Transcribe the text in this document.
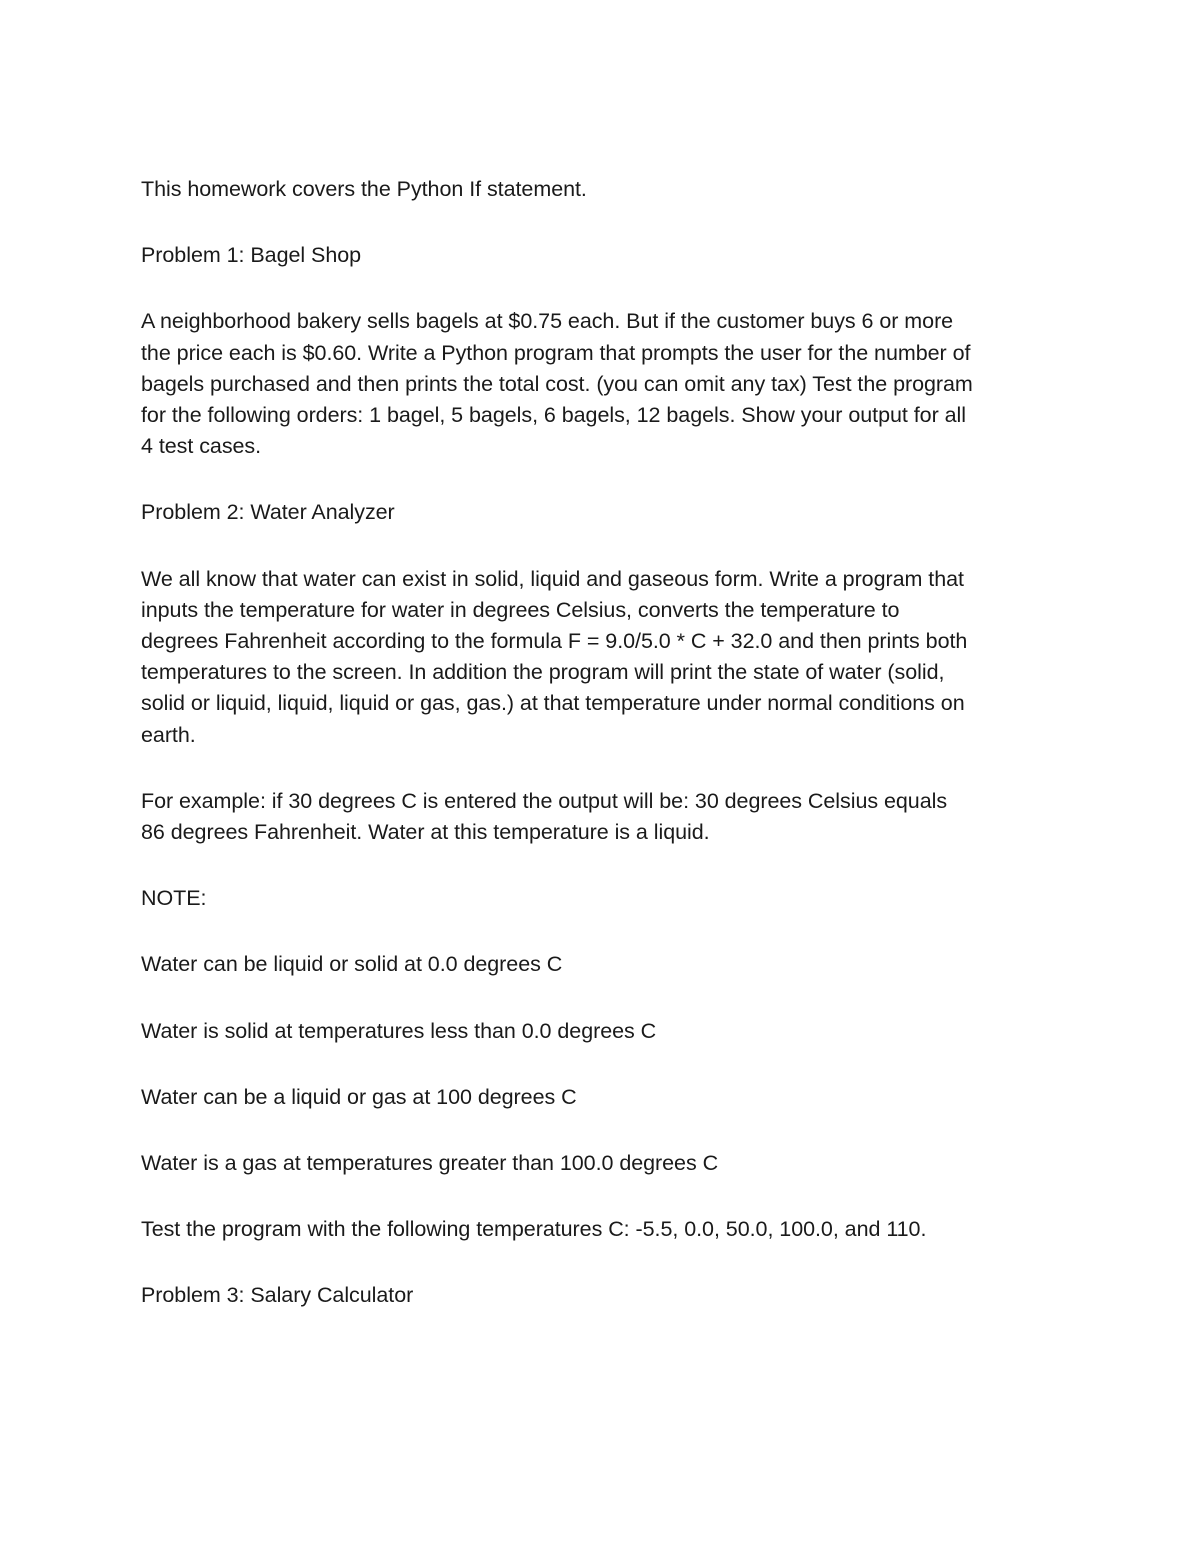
This homework covers the Python If statement.

Problem 1: Bagel Shop

A neighborhood bakery sells bagels at $0.75 each. But if the customer buys 6 or more

the price each is $0.60. Write a Python program that prompts the user for the number of

bagels purchased and then prints the total cost. (you can omit any tax) Test the program

for the following orders: 1 bagel, 5 bagels, 6 bagels, 12 bagels. Show your output for all

4 test cases.

Problem 2: Water Analyzer

We all know that water can exist in solid, liquid and gaseous form. Write a program that

inputs the temperature for water in degrees Celsius, converts the temperature to

degrees Fahrenheit according to the formula F = 9.0/5.0 * C + 32.0 and then prints both

temperatures to the screen. In addition the program will print the state of water (solid,

solid or liquid, liquid, liquid or gas, gas.) at that temperature under normal conditions on

earth.

For example: if 30 degrees C is entered the output will be: 30 degrees Celsius equals

86 degrees Fahrenheit. Water at this temperature is a liquid.

NOTE:

Water can be liquid or solid at 0.0 degrees C

Water is solid at temperatures less than 0.0 degrees C

Water can be a liquid or gas at 100 degrees C

Water is a gas at temperatures greater than 100.0 degrees C

Test the program with the following temperatures C: -5.5, 0.0, 50.0, 100.0, and 110.

Problem 3: Salary Calculator
